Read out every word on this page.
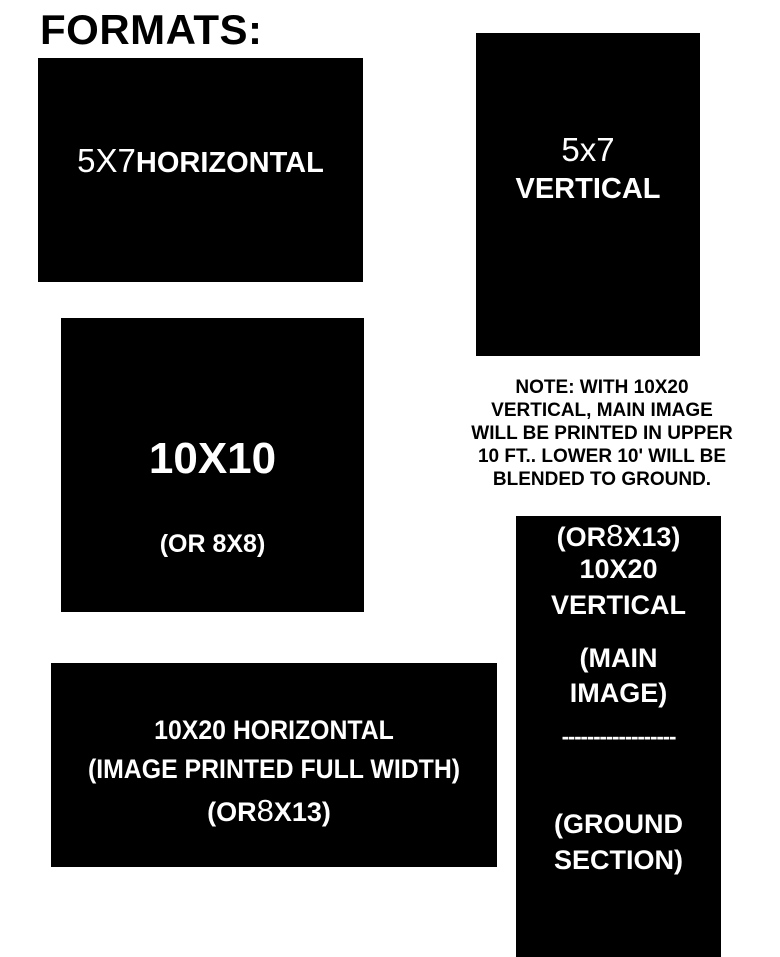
FORMATS:
5X7HORIZONTAL	5x7
VERTICAL
10X10
(OR 8X8)
NOTE: WITH 10X20
VERTICAL, MAIN IMAGE
WILL BE PRINTED IN UPPER
10 FT.. LOWER 10' WILL BE
BLENDED TO GROUND.
10X20 HORIZONTAL
(IMAGE PRINTED FULL WIDTH)
(OR8X13)
(OR8X13)
10X20
VERTICAL
(MAIN
IMAGE)
------------------
(GROUND
SECTION)
